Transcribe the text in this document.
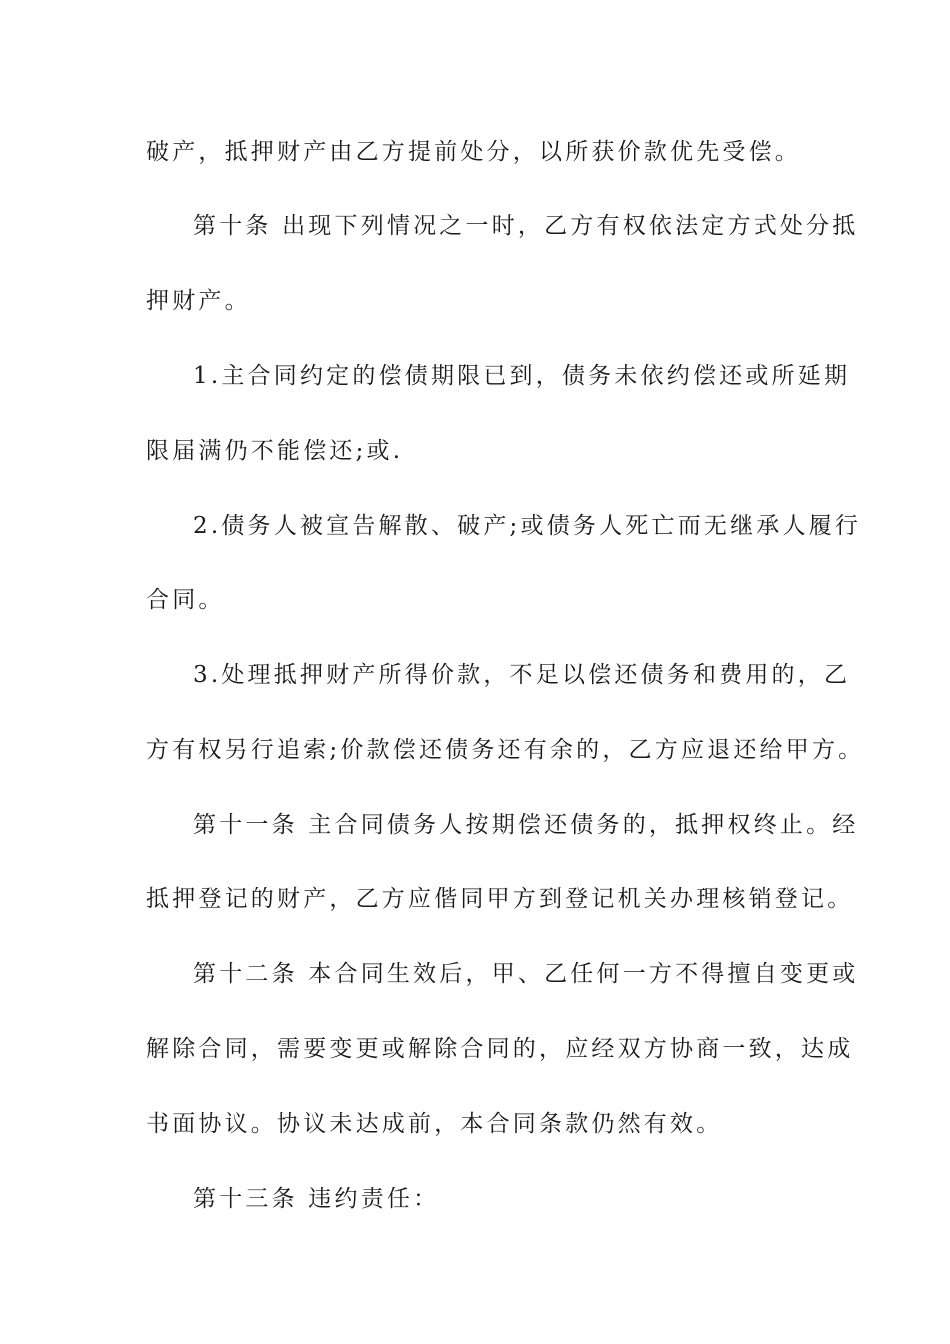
破产，抵押财产由乙方提前处分，以所获价款优先受偿。
第十条 出现下列情况之一时，乙方有权依法定方式处分抵
押财产。
1.主合同约定的偿债期限已到，债务未依约偿还或所延期
限届满仍不能偿还;或.
2.债务人被宣告解散、破产;或债务人死亡而无继承人履行
合同。
3.处理抵押财产所得价款，不足以偿还债务和费用的，乙
方有权另行追索;价款偿还债务还有余的，乙方应退还给甲方。
第十一条 主合同债务人按期偿还债务的，抵押权终止。经
抵押登记的财产，乙方应偕同甲方到登记机关办理核销登记。
第十二条 本合同生效后，甲、乙任何一方不得擅自变更或
解除合同，需要变更或解除合同的，应经双方协商一致，达成
书面协议。协议未达成前，本合同条款仍然有效。
第十三条 违约责任：
